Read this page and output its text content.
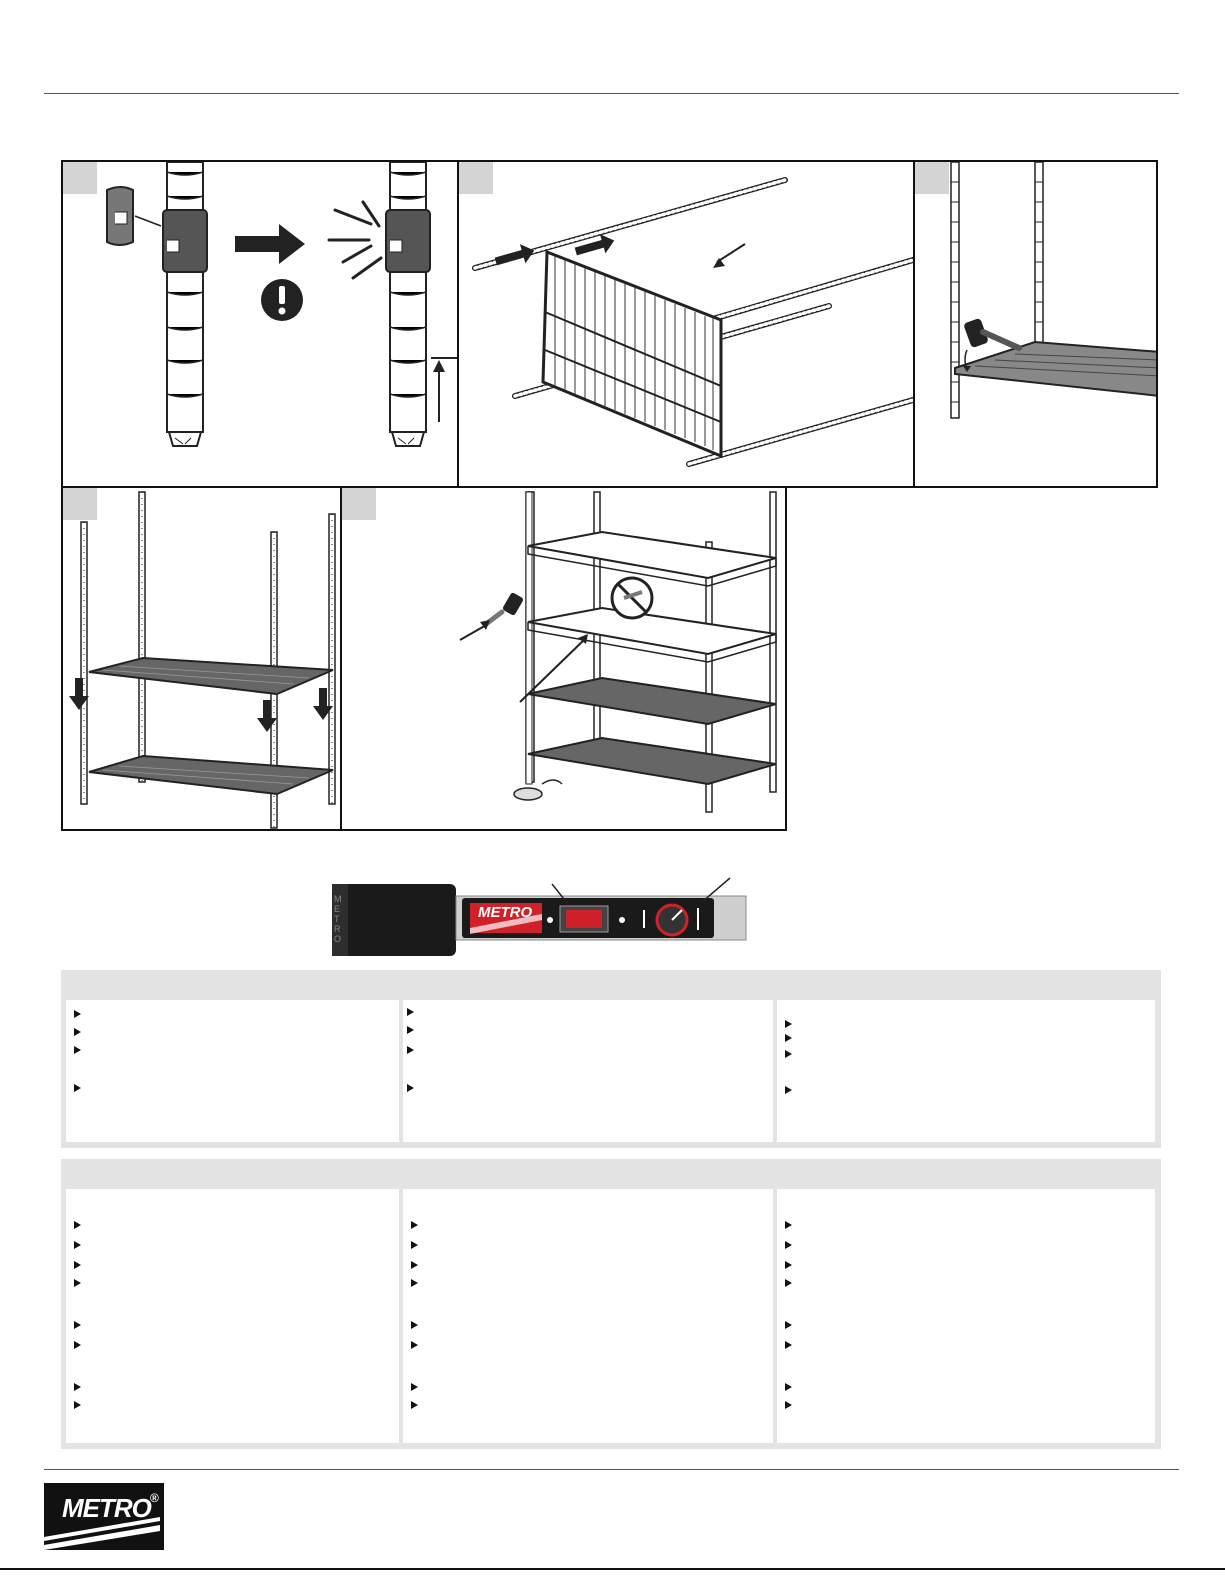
METRO
METRO
METRO ®
